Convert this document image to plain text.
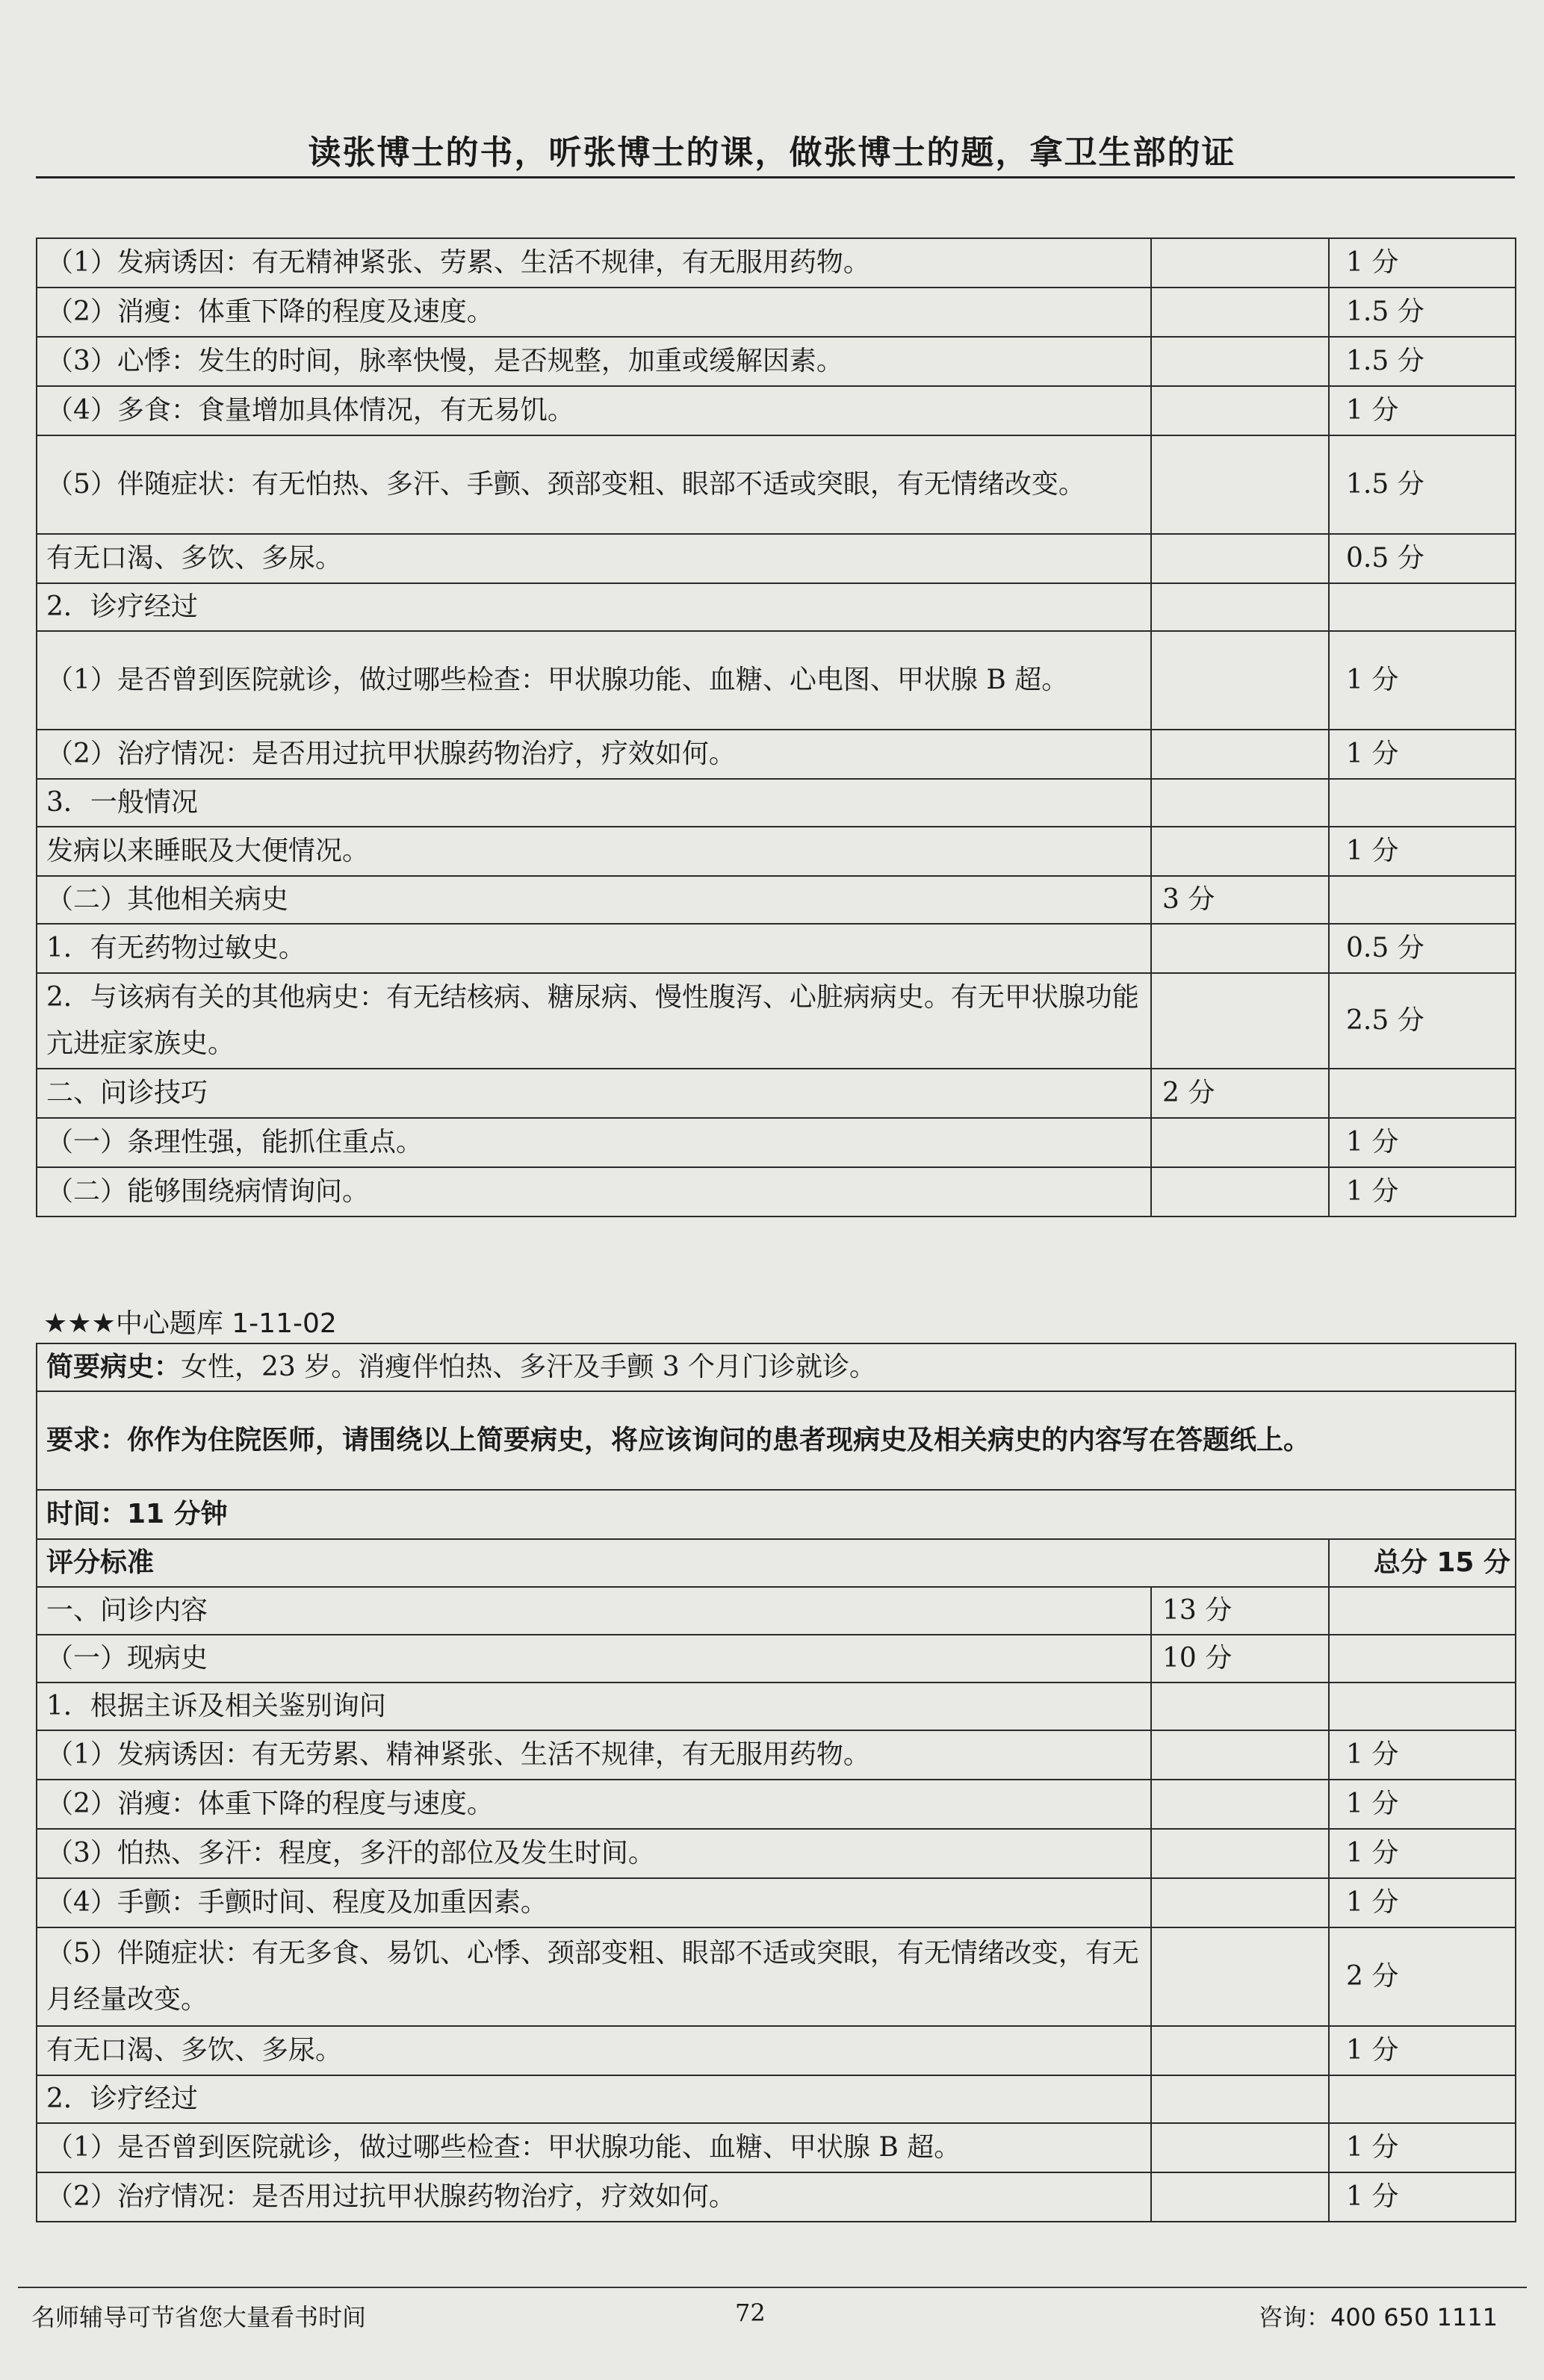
读张博士的书，听张博士的课，做张博士的题，拿卫生部的证
（1）发病诱因：有无精神紧张、劳累、生活不规律，有无服用药物。		1 分
（2）消瘦：体重下降的程度及速度。		1.5 分
（3）心悸：发生的时间，脉率快慢，是否规整，加重或缓解因素。		1.5 分
（4）多食：食量增加具体情况，有无易饥。		1 分
（5）伴随症状：有无怕热、多汗、手颤、颈部变粗、眼部不适或突眼，有无情绪改变。		1.5 分
有无口渴、多饮、多尿。		0.5 分
2．诊疗经过		
（1）是否曾到医院就诊，做过哪些检查：甲状腺功能、血糖、心电图、甲状腺 B 超。		1 分
（2）治疗情况：是否用过抗甲状腺药物治疗，疗效如何。		1 分
3．一般情况		
发病以来睡眠及大便情况。		1 分
（二）其他相关病史	3 分	
1．有无药物过敏史。		0.5 分
2．与该病有关的其他病史：有无结核病、糖尿病、慢性腹泻、心脏病病史。有无甲状腺功能亢进症家族史。		2.5 分
二、问诊技巧	2 分	
（一）条理性强，能抓住重点。		1 分
（二）能够围绕病情询问。		1 分
★★★中心题库 1-11-02
简要病史：女性，23 岁。消瘦伴怕热、多汗及手颤 3 个月门诊就诊。		
要求：你作为住院医师，请围绕以上简要病史，将应该询问的患者现病史及相关病史的内容写在答题纸上。		
时间：11 分钟		
评分标准		总分 15 分
一、问诊内容	13 分	
（一）现病史	10 分	
1．根据主诉及相关鉴别询问		
（1）发病诱因：有无劳累、精神紧张、生活不规律，有无服用药物。		1 分
（2）消瘦：体重下降的程度与速度。		1 分
（3）怕热、多汗：程度，多汗的部位及发生时间。		1 分
（4）手颤：手颤时间、程度及加重因素。		1 分
（5）伴随症状：有无多食、易饥、心悸、颈部变粗、眼部不适或突眼，有无情绪改变，有无月经量改变。		2 分
有无口渴、多饮、多尿。		1 分
2．诊疗经过		
（1）是否曾到医院就诊，做过哪些检查：甲状腺功能、血糖、甲状腺 B 超。		1 分
（2）治疗情况：是否用过抗甲状腺药物治疗，疗效如何。		1 分
名师辅导可节省您大量看书时间	72	咨询：400 650 1111
